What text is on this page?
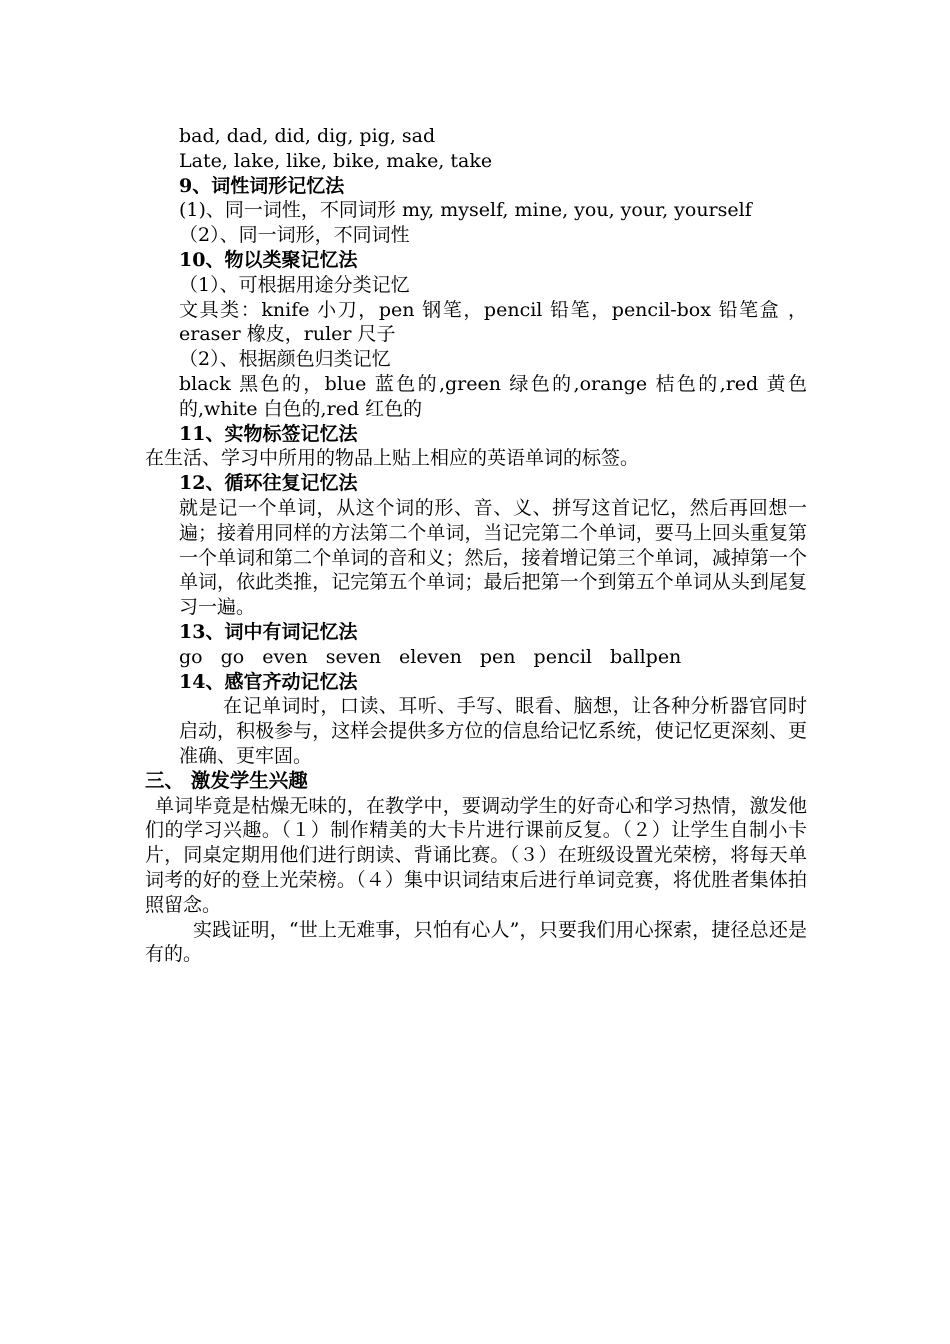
bad, dad, did, dig, pig, sad

Late, lake, like, bike, make, take

9、词性词形记忆法

(1)、同一词性，不同词形 my, myself, mine, you, your, yourself

（2）、同一词形，不同词性

10、物以类聚记忆法

（1）、可根据用途分类记忆

文具类：knife 小刀，pen 钢笔，pencil 铅笔，pencil-box 铅笔盒 ，eraser 橡皮，ruler 尺子

（2）、根据颜色归类记忆

black 黑色的，blue 蓝色的,green 绿色的,orange 桔色的,red 黄色的,white 白色的,red 红色的

11、实物标签记忆法

在生活、学习中所用的物品上贴上相应的英语单词的标签。

12、循环往复记忆法

就是记一个单词，从这个词的形、音、义、拼写这首记忆，然后再回想一遍；接着用同样的方法第二个单词，当记完第二个单词，要马上回头重复第一个单词和第二个单词的音和义；然后，接着增记第三个单词，减掉第一个单词，依此类推，记完第五个单词；最后把第一个到第五个单词从头到尾复习一遍。

13、词中有词记忆法

go go even seven eleven pen pencil ballpen

14、感官齐动记忆法

在记单词时，口读、耳听、手写、眼看、脑想，让各种分析器官同时启动，积极参与，这样会提供多方位的信息给记忆系统，使记忆更深刻、更准确、更牢固。

三、 激发学生兴趣

单词毕竟是枯燥无味的，在教学中，要调动学生的好奇心和学习热情，激发他们的学习兴趣。（１）制作精美的大卡片进行课前反复。（２）让学生自制小卡片，同桌定期用他们进行朗读、背诵比赛。（３）在班级设置光荣榜，将每天单词考的好的登上光荣榜。（４）集中识词结束后进行单词竞赛，将优胜者集体拍照留念。

实践证明，“世上无难事，只怕有心人”，只要我们用心探索，捷径总还是有的。
